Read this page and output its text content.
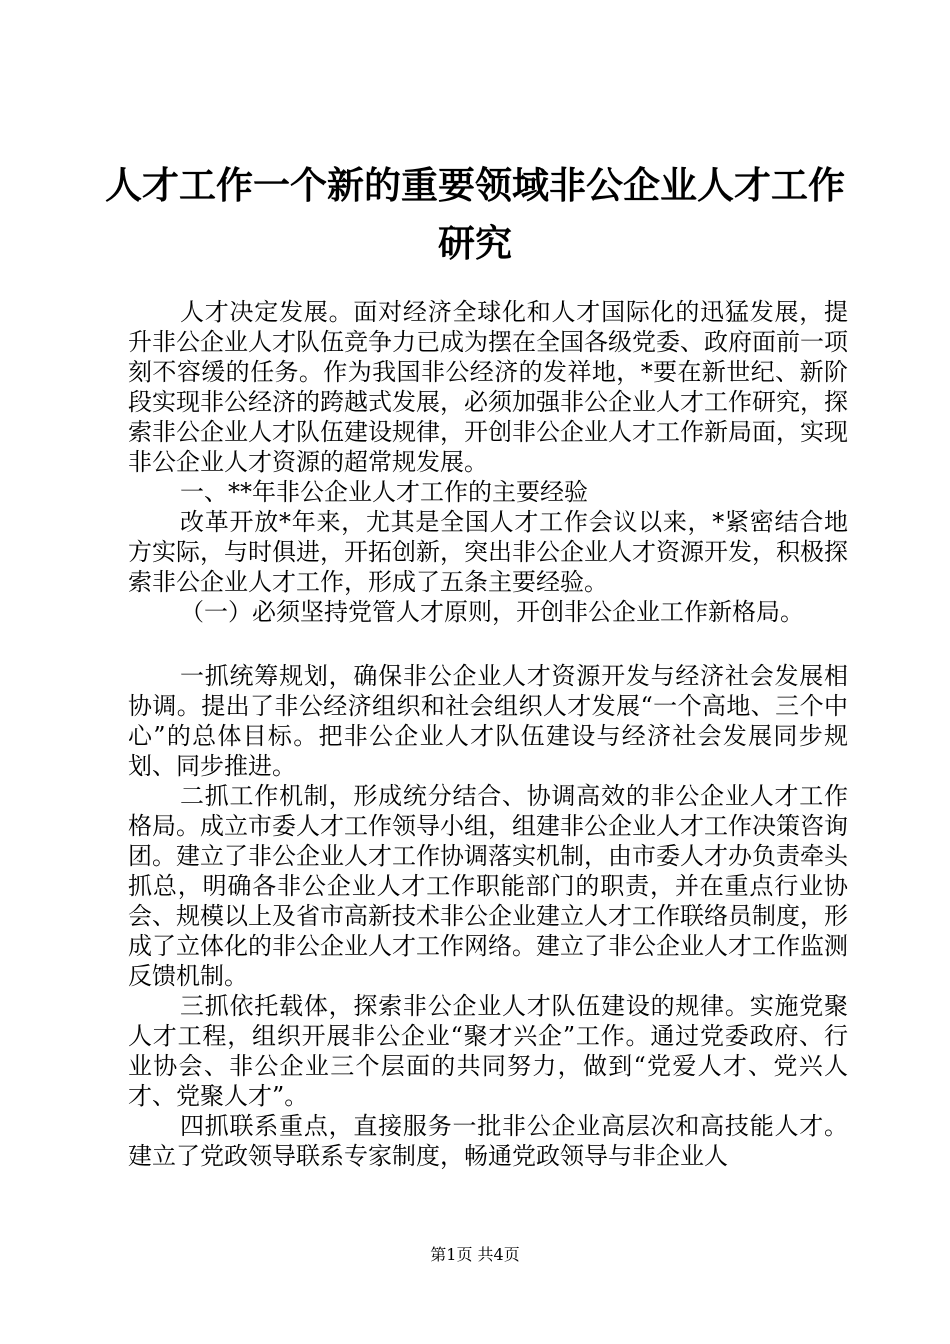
人才工作一个新的重要领域非公企业人才工作
研究

人才决定发展。面对经济全球化和人才国际化的迅猛发展，提升非公企业人才队伍竞争力已成为摆在全国各级党委、政府面前一项刻不容缓的任务。作为我国非公经济的发祥地，*要在新世纪、新阶段实现非公经济的跨越式发展，必须加强非公企业人才工作研究，探索非公企业人才队伍建设规律，开创非公企业人才工作新局面，实现非公企业人才资源的超常规发展。

一、**年非公企业人才工作的主要经验

改革开放*年来，尤其是全国人才工作会议以来，*紧密结合地方实际，与时俱进，开拓创新，突出非公企业人才资源开发，积极探索非公企业人才工作，形成了五条主要经验。

（一）必须坚持党管人才原则，开创非公企业工作新格局。

一抓统筹规划，确保非公企业人才资源开发与经济社会发展相协调。提出了非公经济组织和社会组织人才发展“一个高地、三个中心”的总体目标。把非公企业人才队伍建设与经济社会发展同步规划、同步推进。

二抓工作机制，形成统分结合、协调高效的非公企业人才工作格局。成立市委人才工作领导小组，组建非公企业人才工作决策咨询团。建立了非公企业人才工作协调落实机制，由市委人才办负责牵头抓总，明确各非公企业人才工作职能部门的职责，并在重点行业协会、规模以上及省市高新技术非公企业建立人才工作联络员制度，形成了立体化的非公企业人才工作网络。建立了非公企业人才工作监测反馈机制。

三抓依托载体，探索非公企业人才队伍建设的规律。实施党聚人才工程，组织开展非公企业“聚才兴企”工作。通过党委政府、行业协会、非公企业三个层面的共同努力，做到“党爱人才、党兴人才、党聚人才”。

四抓联系重点，直接服务一批非公企业高层次和高技能人才。建立了党政领导联系专家制度，畅通党政领导与非企业人

第1页 共4页
